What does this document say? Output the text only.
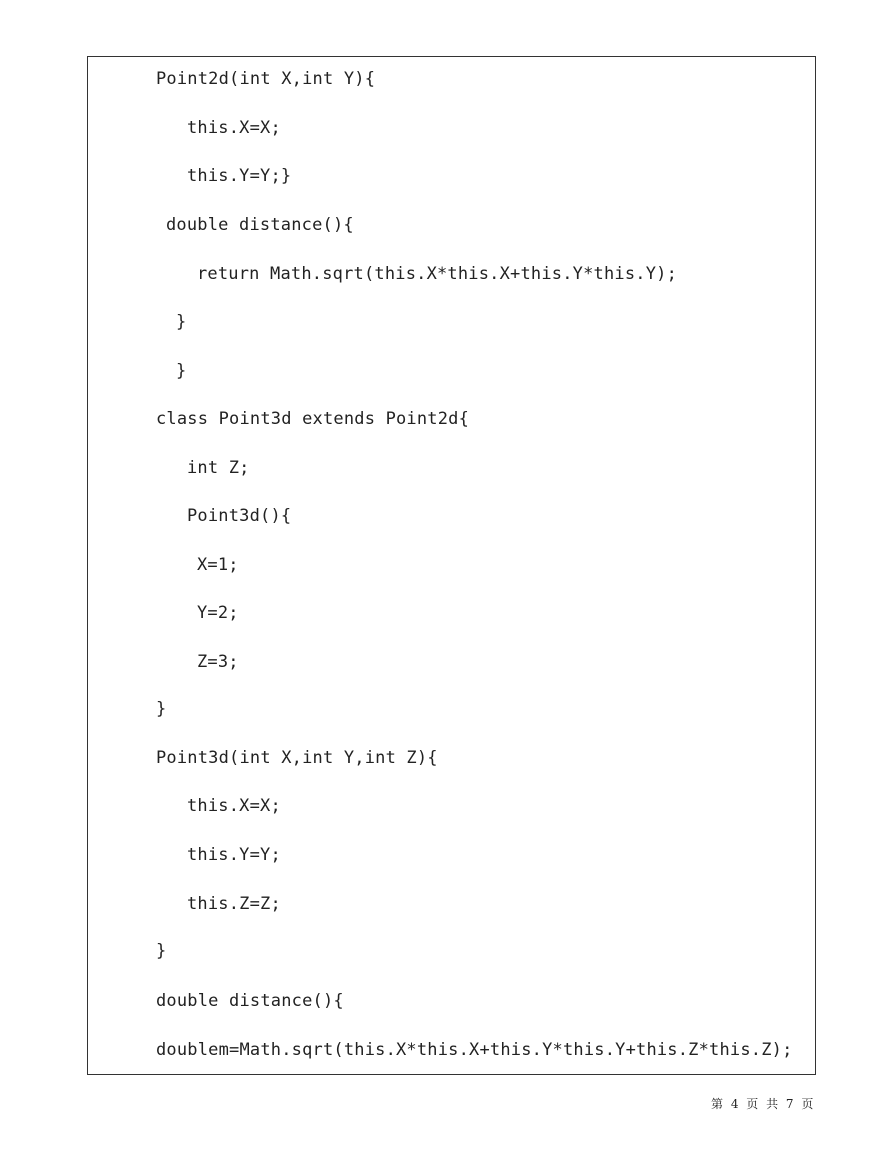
Point2d(int X,int Y){
this.X=X;
this.Y=Y;}
double distance(){
return Math.sqrt(this.X*this.X+this.Y*this.Y);
}
}
class Point3d extends Point2d{
int Z;
Point3d(){
X=1;
Y=2;
Z=3;
}
Point3d(int X,int Y,int Z){
this.X=X;
this.Y=Y;
this.Z=Z;
}
double distance(){
doublem=Math.sqrt(this.X*this.X+this.Y*this.Y+this.Z*this.Z);
第 4 页 共 7 页
